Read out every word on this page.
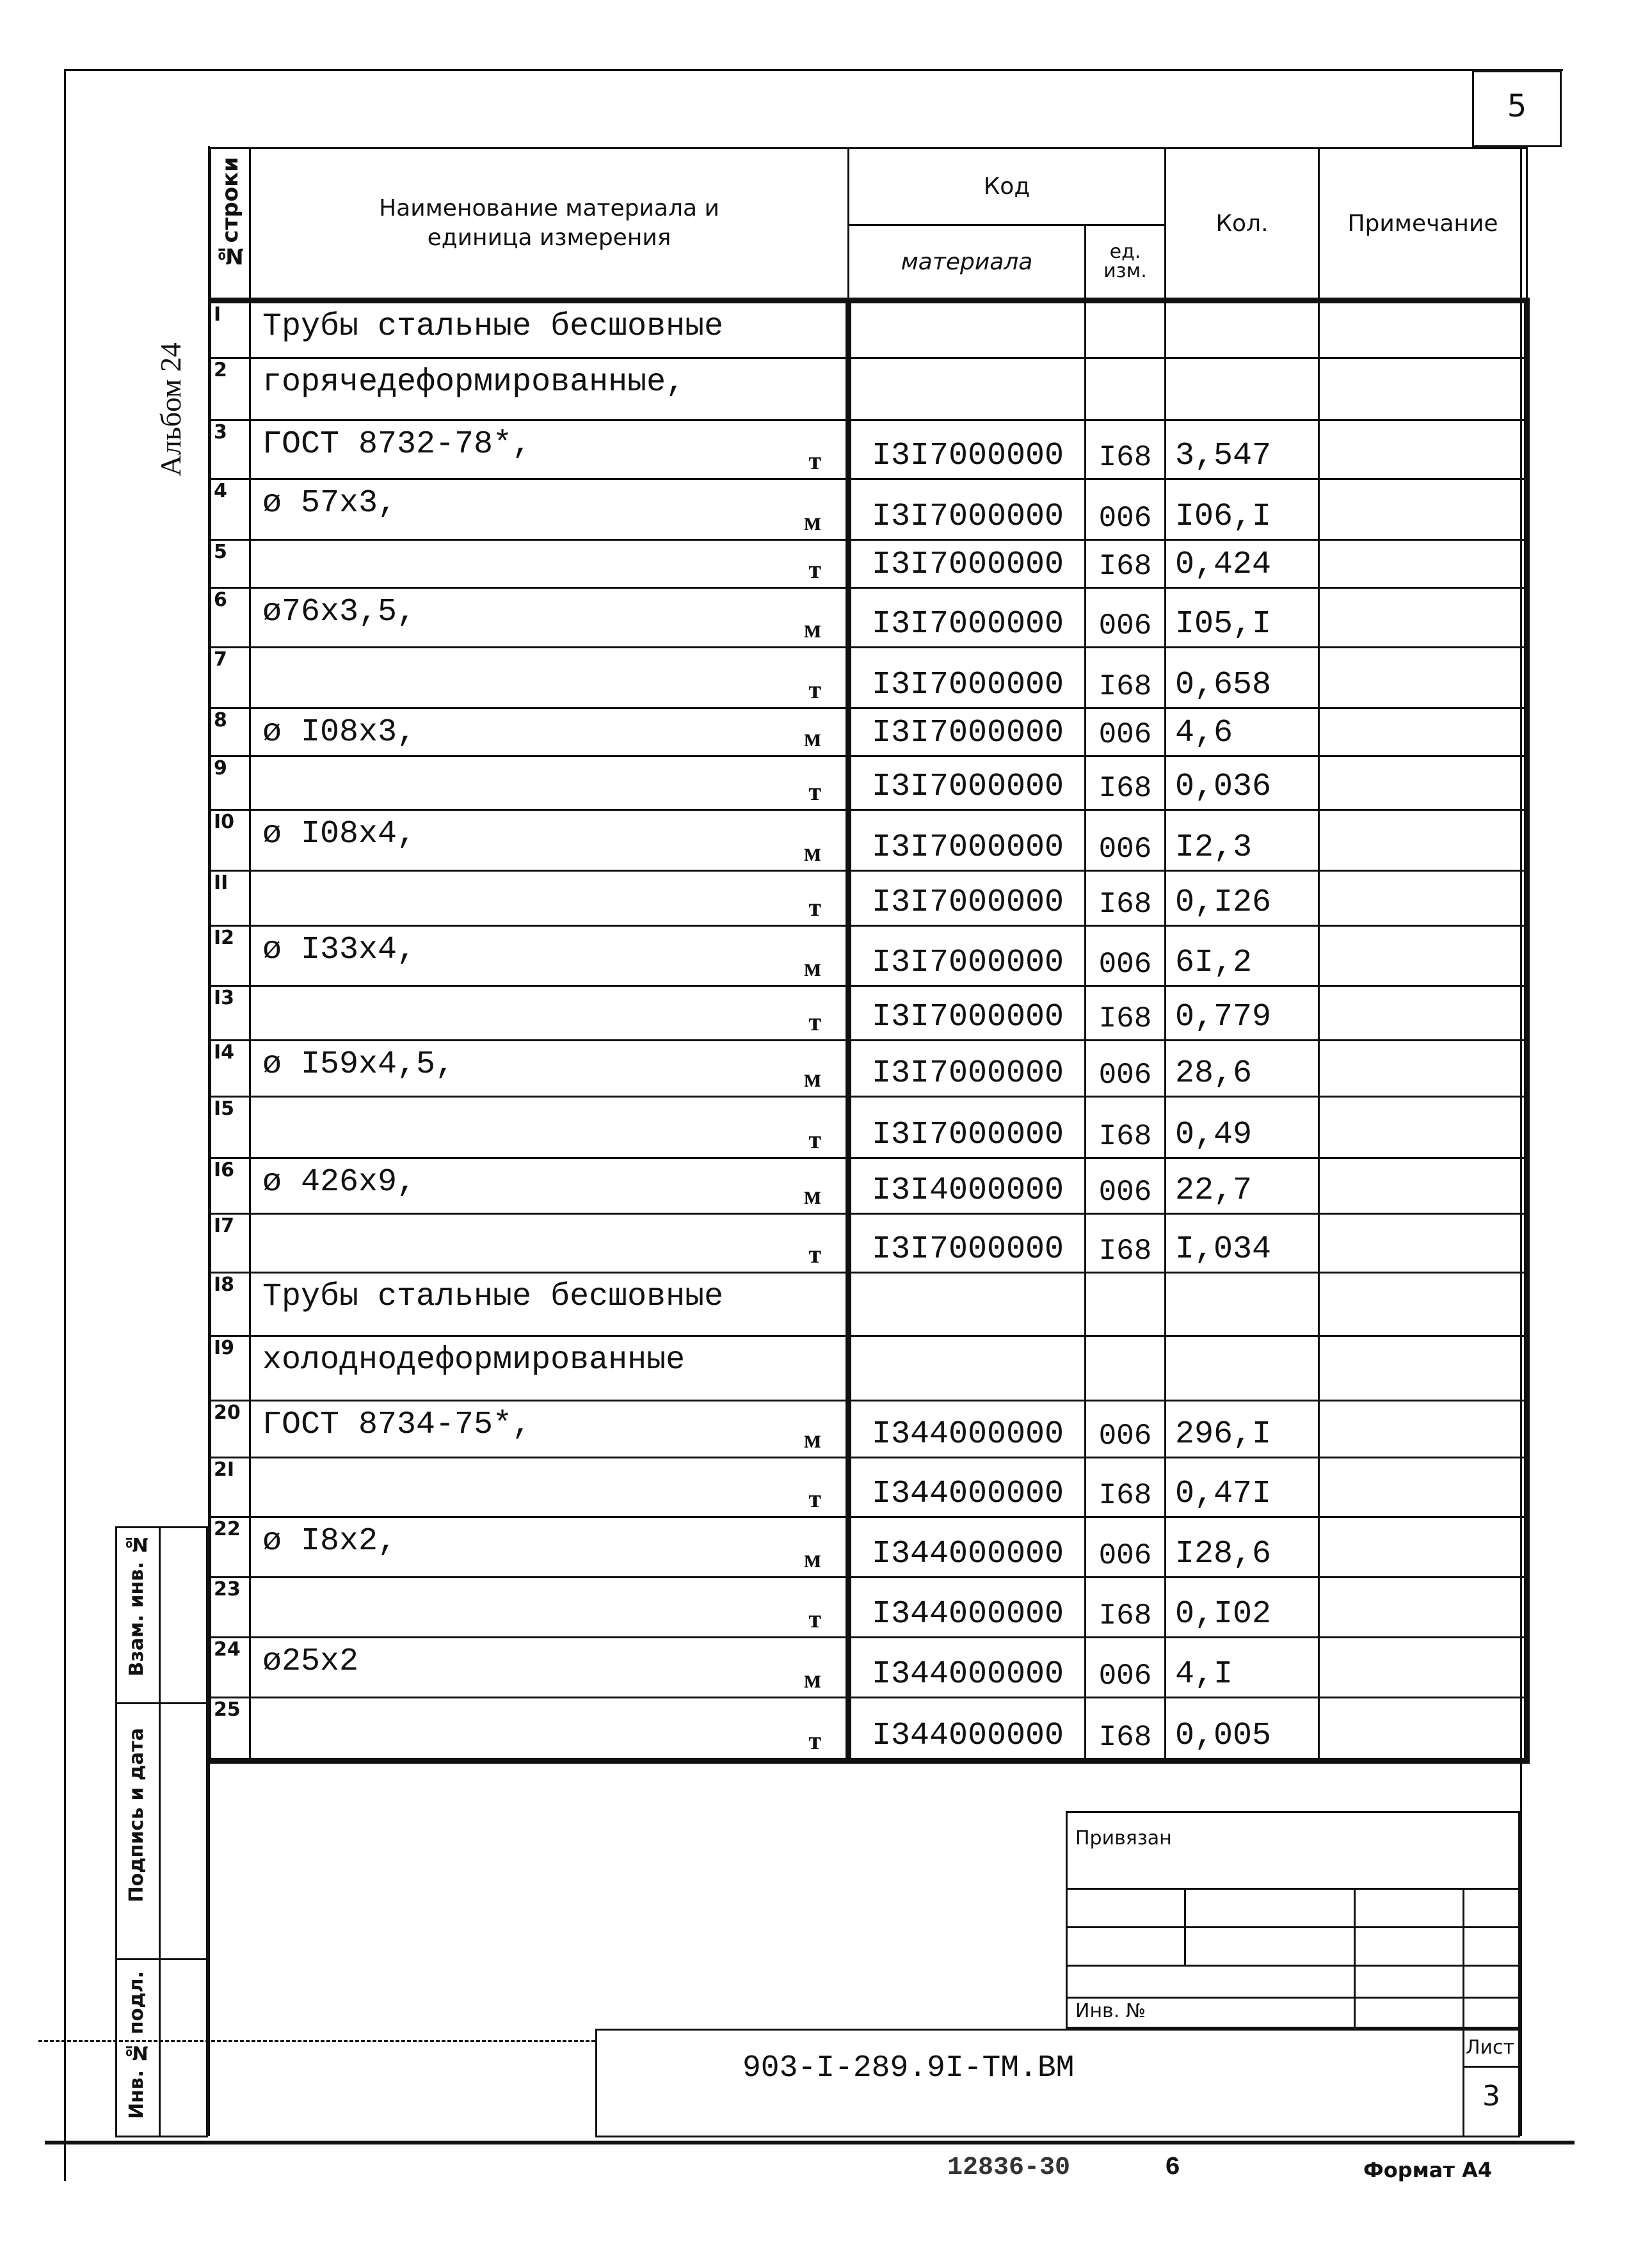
5
Альбом 24
№строки	Наименование материала и единица измерения	Код		Кол.	Примечание
		материала	ед. изм.		
I	Трубы стальные бесшовные				

2	горячедеформированные,				

3	ГОСТ 8732-78*, т	I3I7000000	I68	3,547	
4	ø 57x3, м	I3I7000000	006	I06,I	
5	т	I3I7000000	I68	0,424	
6	ø76x3,5, м	I3I7000000	006	I05,I	
7	т	I3I7000000	I68	0,658	
8	ø I08x3, м	I3I7000000	006	4,6	
9	т	I3I7000000	I68	0,036	
I0	ø I08x4, м	I3I7000000	006	I2,3	
II	т	I3I7000000	I68	0,I26	
I2	ø I33x4, м	I3I7000000	006	6I,2	
I3	т	I3I7000000	I68	0,779	
I4	ø I59x4,5, м	I3I7000000	006	28,6	
I5	т	I3I7000000	I68	0,49	
I6	ø 426x9, м	I3I4000000	006	22,7	
I7	т	I3I7000000	I68	I,034	
I8	Трубы стальные бесшовные				

I9	холоднодеформированные				

20	ГОСТ 8734-75*, м	I344000000	006	296,I	
2I	т	I344000000	I68	0,47I	
22	ø I8x2, м	I344000000	006	I28,6	
23	т	I344000000	I68	0,I02	
24	ø25x2 м	I344000000	006	4,I	
25	т	I344000000	I68	0,005	
Взам. инв. №
Подпись и дата
Инв. № подл.
Привязан
Инв. №
903-I-289.9I-ТМ.ВМ
Лист
3
12836-30	6	Формат А4
